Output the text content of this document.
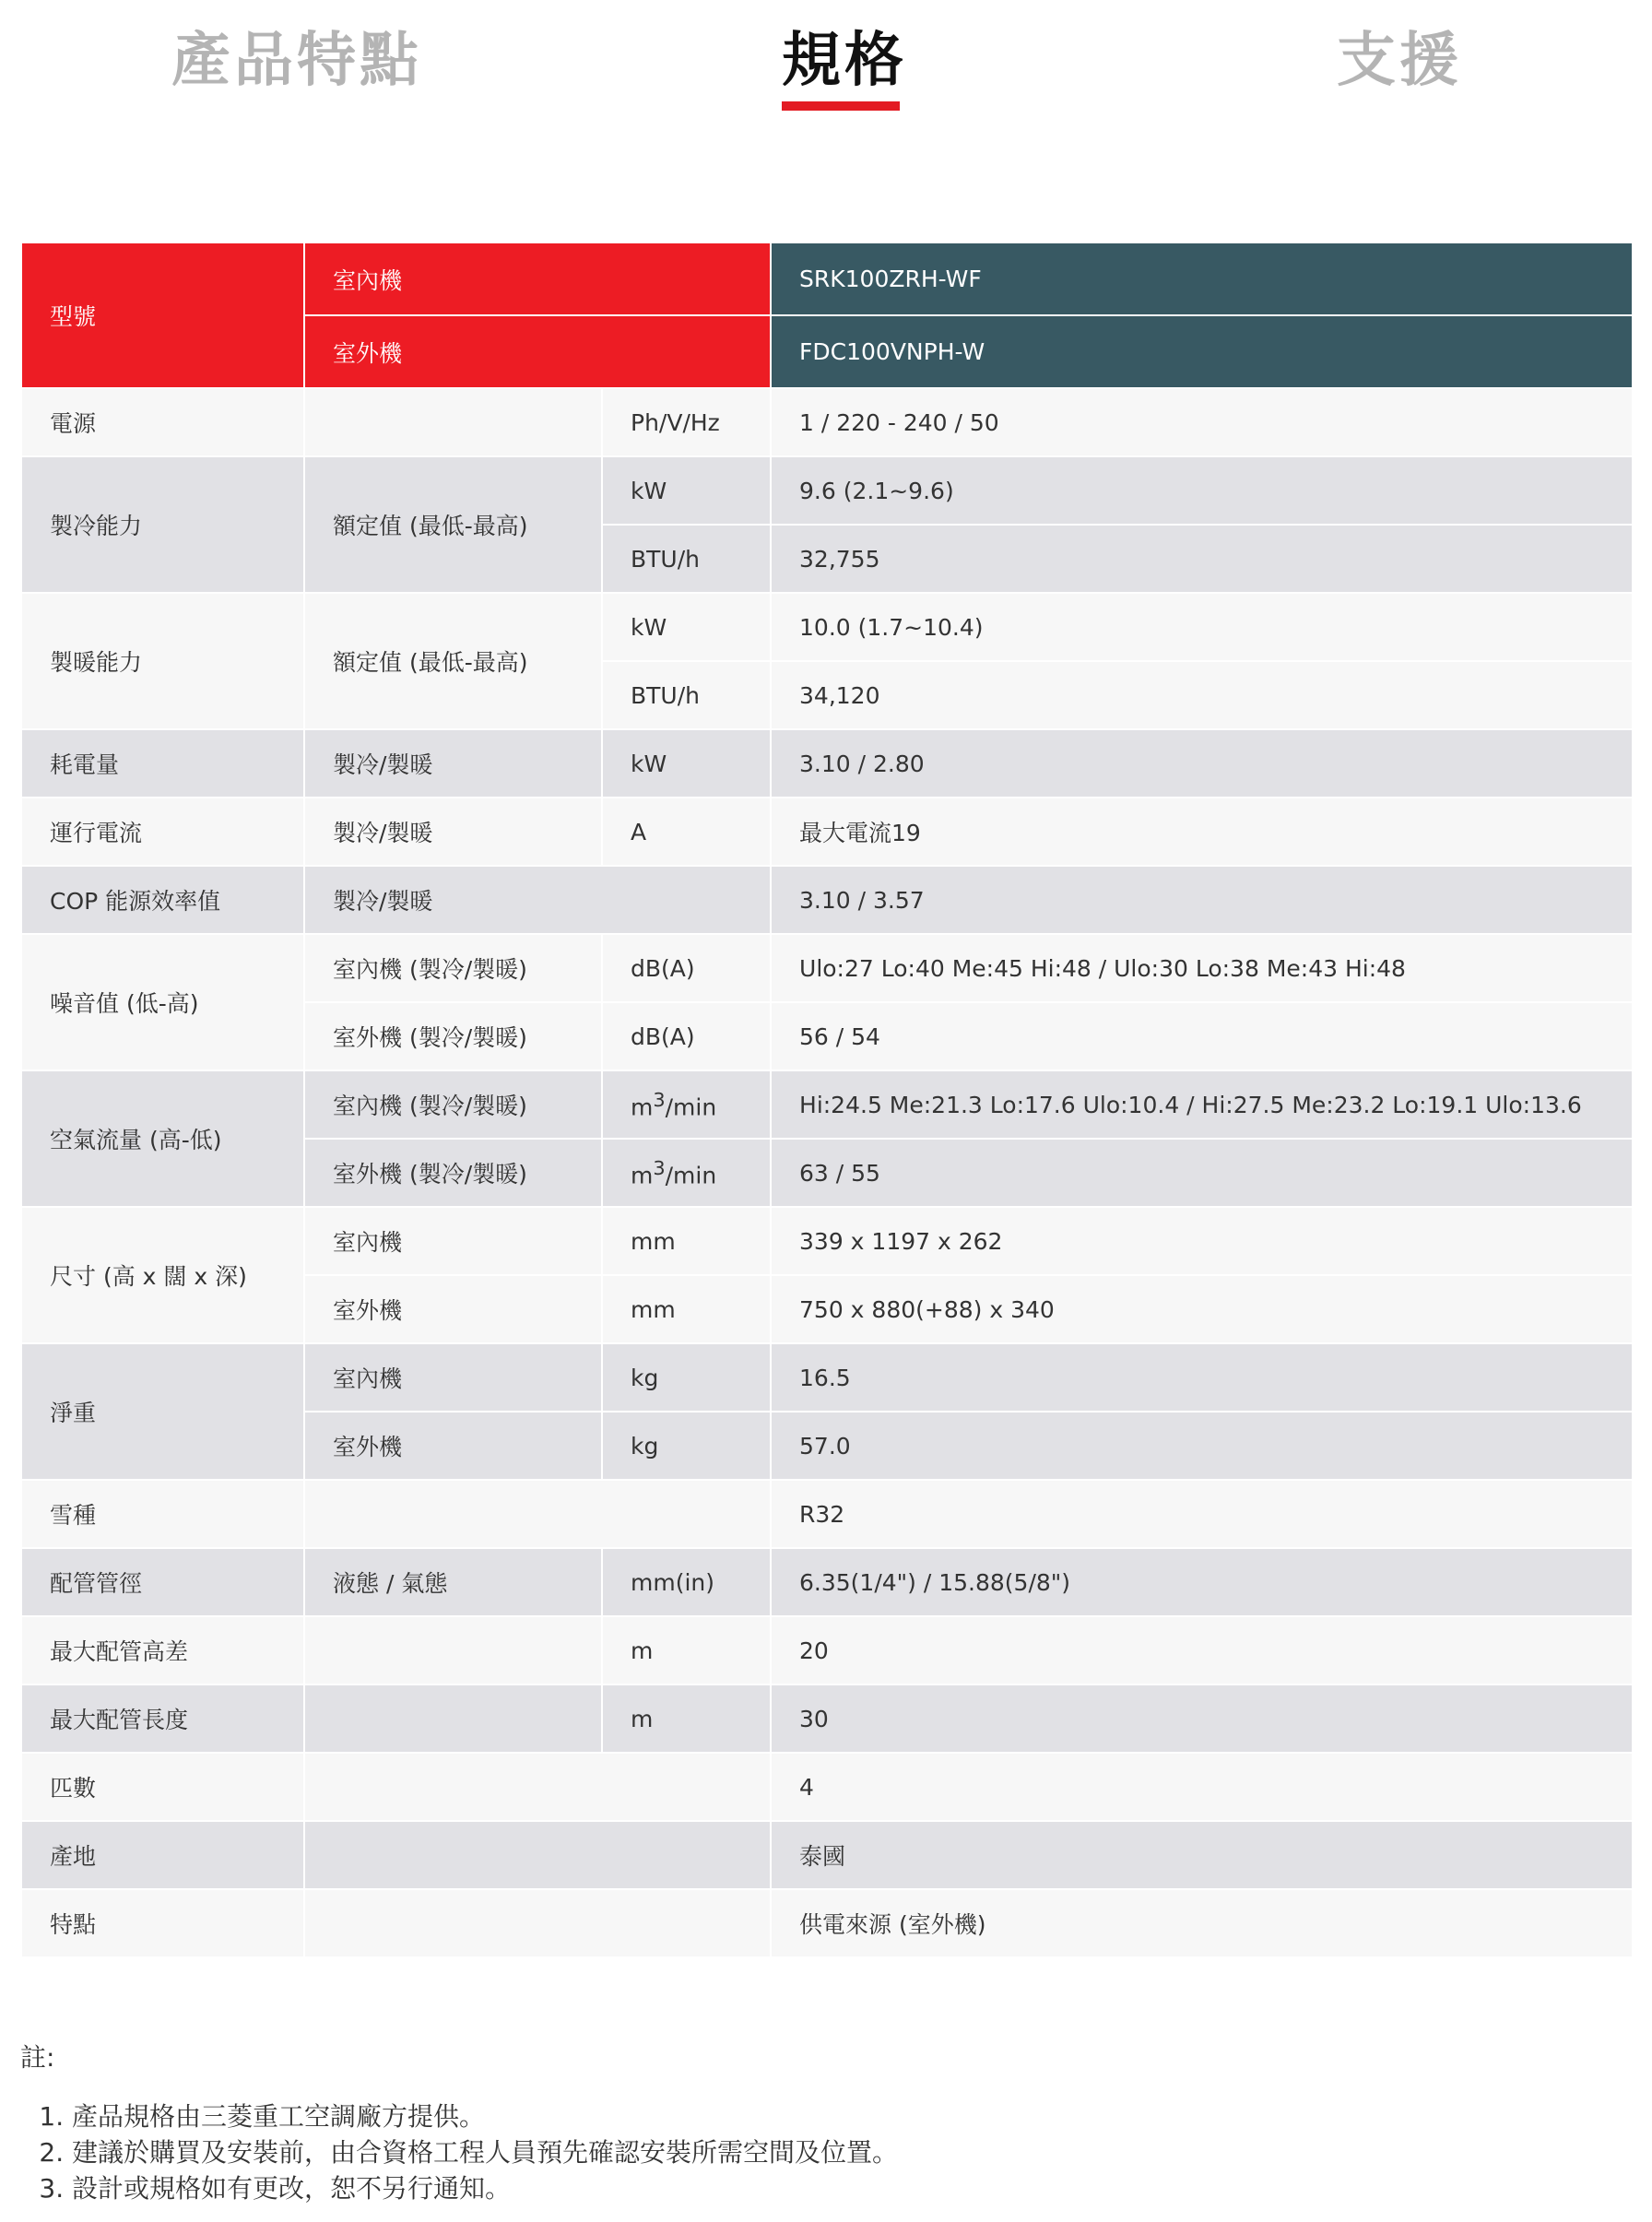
產品特點	規格	支援
型號	室內機		SRK100ZRH-WF
	室外機		FDC100VNPH-W
電源		Ph/V/Hz	1 / 220 - 240 / 50
製冷能力	額定值 (最低-最高)	kW	9.6 (2.1~9.6)
		BTU/h	32,755
製暖能力	額定值 (最低-最高)	kW	10.0 (1.7~10.4)
		BTU/h	34,120
耗電量	製冷/製暖	kW	3.10 / 2.80
運行電流	製冷/製暖	A	最大電流19
COP 能源效率值	製冷/製暖		3.10 / 3.57
噪音值 (低-高)	室內機 (製冷/製暖)	dB(A)	Ulo:27 Lo:40 Me:45 Hi:48 / Ulo:30 Lo:38 Me:43 Hi:48
	室外機 (製冷/製暖)	dB(A)	56 / 54
空氣流量 (高-低)	室內機 (製冷/製暖)	$m^3/\min$	Hi:24.5 Me:21.3 Lo:17.6 Ulo:10.4 / Hi:27.5 Me:23.2 Lo:19.1 Ulo:13.6
	室外機 (製冷/製暖)	$m^3/\min$	63 / 55
尺寸 (高 x 闊 x 深)	室內機	mm	339 x 1197 x 262
	室外機	mm	750 x 880(+88) x 340
淨重	室內機	kg	16.5
	室外機	kg	57.0
雪種			R32
配管管徑	液態 / 氣態	mm(in)	6.35(1/4") / 15.88(5/8")
最大配管高差		m	20
最大配管長度		m	30
匹數			4
產地			泰國
特點			供電來源 (室外機)
註:
1. 產品規格由三菱重工空調廠方提供。
2. 建議於購買及安裝前，由合資格工程人員預先確認安裝所需空間及位置。
3. 設計或規格如有更改，恕不另行通知。
